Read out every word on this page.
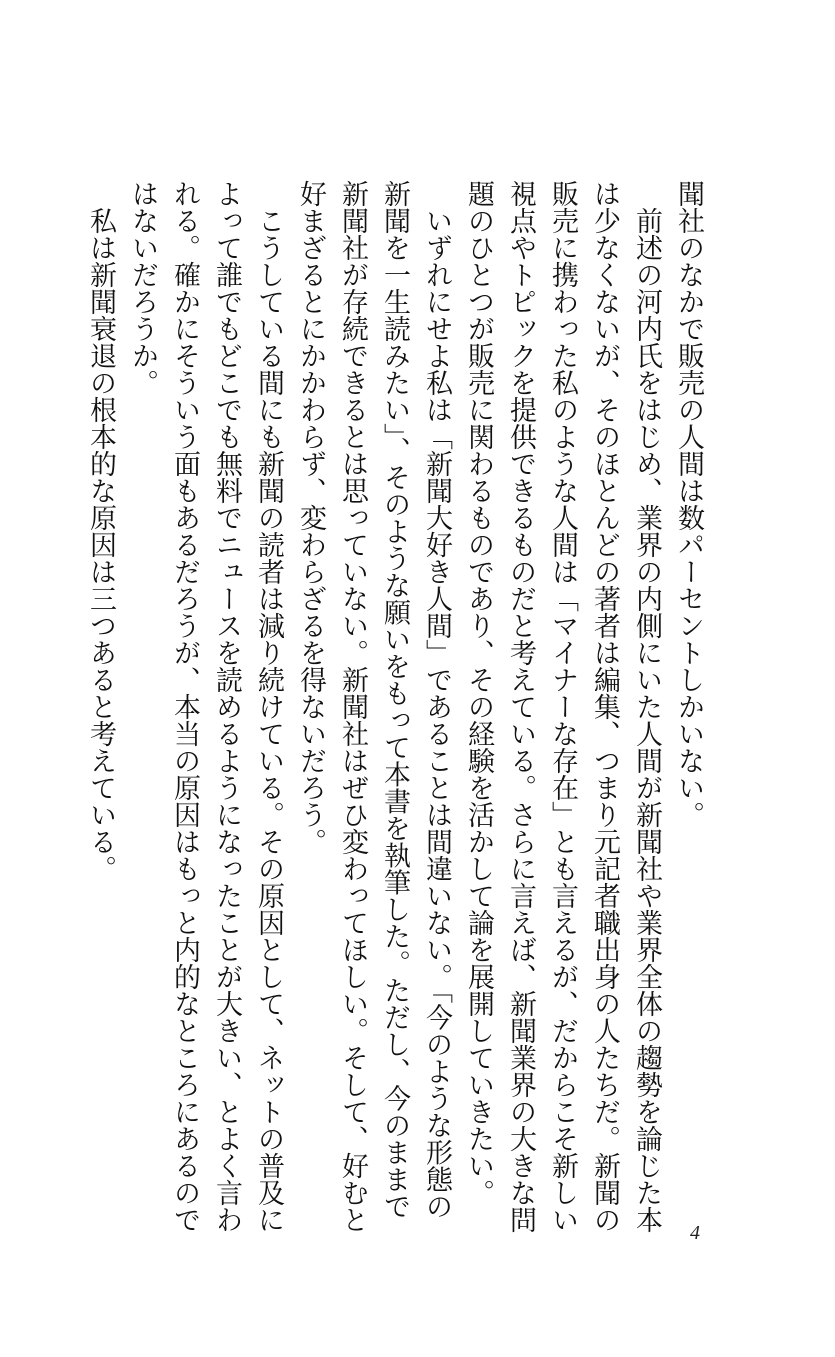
聞社のなかで販売の人間は数パーセントしかいない。

前述の河内氏をはじめ、業界の内側にいた人間が新聞社や業界全体の趨勢を論じた本

は少なくないが、そのほとんどの著者は編集、つまり元記者職出身の人たちだ。新聞の

販売に携わった私のような人間は「マイナーな存在」とも言えるが、だからこそ新しい

視点やトピックを提供できるものだと考えている。さらに言えば、新聞業界の大きな問

題のひとつが販売に関わるものであり、その経験を活かして論を展開していきたい。

いずれにせよ私は「新聞大好き人間」であることは間違いない。「今のような形態の

新聞を一生読みたい」、そのような願いをもって本書を執筆した。ただし、今のままで

新聞社が存続できるとは思っていない。新聞社はぜひ変わってほしい。そして、好むと

好まざるとにかかわらず、変わらざるを得ないだろう。

こうしている間にも新聞の読者は減り続けている。その原因として、ネットの普及に

よって誰でもどこでも無料でニュースを読めるようになったことが大きい、とよく言わ

れる。確かにそういう面もあるだろうが、本当の原因はもっと内的なところにあるので

はないだろうか。

私は新聞衰退の根本的な原因は三つあると考えている。

4
